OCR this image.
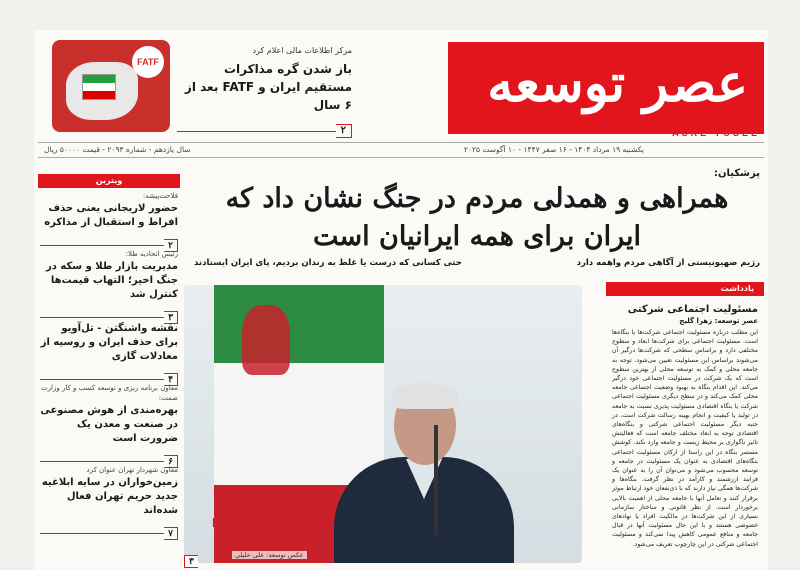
عصر توسعه
ASRE TOSEE
FATF
مرکز اطلاعات مالی اعلام کرد
باز شدن گره مذاکرات مستقیم ایران و FATF بعد از ۶ سال
۲
یکشنبه ۱۹ مرداد ۱۴۰۴ - ۱۶ صفر ۱۴۴۷ - ۱۰ آگوست ۲۰۲۵
سال یازدهم - شماره ۲۰۹۳ - قیمت ۵۰۰۰۰ ریال
پزشکیان:
همراهی و همدلی مردم در جنگ نشان داد که ایران برای همه ایرانیان است
رژیم صهیونیستی از آگاهی مردم واهمه دارد
حتی کسانی که درست یا غلط به زندان بردیم، پای ایران ایستادند
Pishkhan.com
عکس توسعه: علی خلیلی
۳
ویترین
فلاحت‌پیشه:
حضور لاریجانی یعنی حذف افراط و استقبال از مذاکره
۲
رئیس اتحادیه طلا:
مدیریت بازار طلا و سکه در جنگ اخیر؛ التهاب قیمت‌ها کنترل شد
۳
نقشه واشنگتن - تل‌آویو برای حذف ایران و روسیه از معادلات گازی
۴
معاون برنامه ریزی و توسعه کسب و کار وزارت صمت:
بهره‌مندی از هوش مصنوعی در صنعت و معدن یک ضرورت است
۶
معاون شهردار تهران عنوان کرد
زمین‌خواران در سایه ابلاغیه جدید حریم تهران فعال شده‌اند
۷
یادداشت
مسئولیت اجتماعی شرکتی
عصر توسعه: زهرا گلیج
این مطلب درباره مسئولیت اجتماعی شرکت‌ها یا بنگاه‌ها است. مسئولیت اجتماعی برای شرکت‌ها ابعاد و سطوح مختلفی دارد و براساس سطحی که شرکت‌ها درگیر آن می‌شوند براساس این مسئولیت تعیین می‌شود. توجه به جامعه محلی و کمک به توسعه محلی از بهترین سطوح است که یک شرکت در مسئولیت اجتماعی خود درگیر می‌کند. این اقدام بنگاه به بهبود وضعیت اجتماعی جامعه محلی کمک می‌کند و در سطح دیگری مسئولیت اجتماعی شرکت یا بنگاه اقتصادی مسئولیت پذیری نسبت به جامعه در تولید یا کیفیت و انجام بهینه رسالت شرکت است. در جنبه دیگر مسئولیت اجتماعی شرکتی و بنگاه‌های اقتصادی توجه به ابعاد مختلف جامعه است که فعالیتش تاثیر ناگواری بر محیط زیست و جامعه وارد نکند. کوشش مستمر بنگاه در این راستا از ارکان مسئولیت اجتماعی بنگاه‌های اقتصادی به عنوان یک مسئولیت در جامعه و توسعه محسوب می‌شود و می‌توان آن را به عنوان یک فرایند ارزشمند و کارآمد در نظر گرفت. بنگاه‌ها و شرکت‌ها همگی نیاز دارند که با ذی‌نفعان خود ارتباط موثر برقرار کنند و تعامل آنها با جامعه محلی از اهمیت بالایی برخوردار است. از نظر قانونی و ساختار سازمانی بسیاری از این شرکت‌ها در مالکیت افراد یا نهادهای خصوصی هستند و با این حال مسئولیت آنها در قبال جامعه و منافع عمومی کاهش پیدا نمی‌کند و مسئولیت اجتماعی شرکتی در این چارچوب تعریف می‌شود.
